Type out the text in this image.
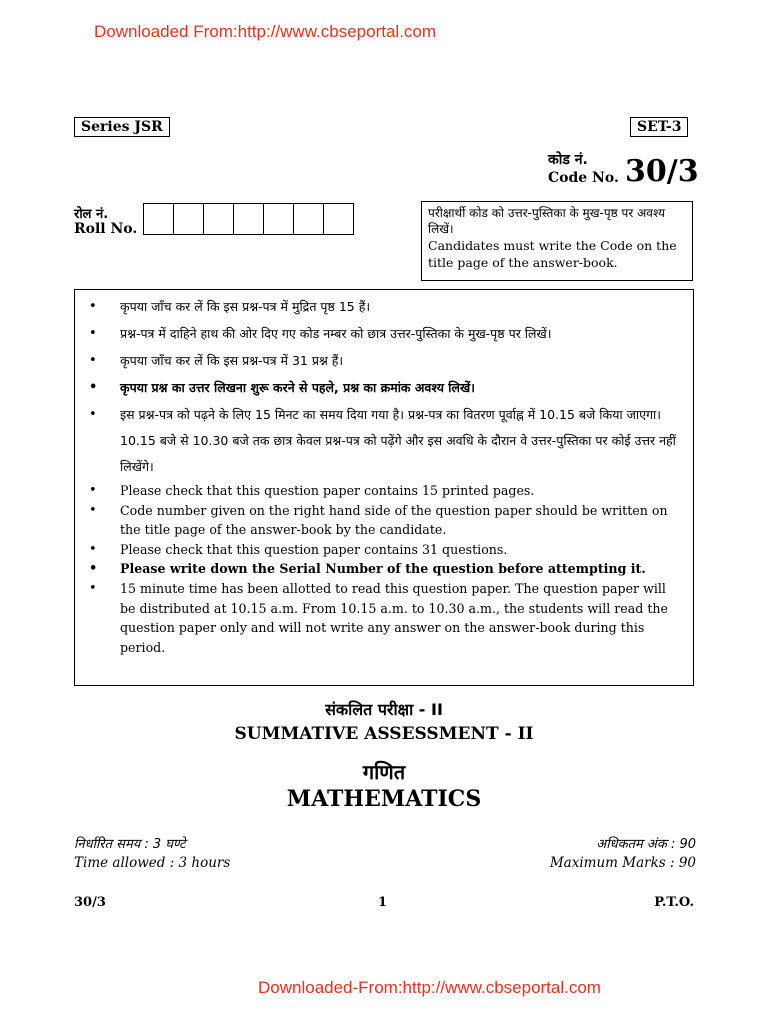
Downloaded From:http://www.cbseportal.com
Series JSR	SET-3
कोड नं.
Code No. 30/3
रोल नं.
Roll No.
परीक्षार्थी कोड को उत्तर-पुस्तिका के मुख-पृष्ठ पर अवश्य लिखें।
Candidates must write the Code on the title page of the answer-book.
• कृपया जाँच कर लें कि इस प्रश्न-पत्र में मुद्रित पृष्ठ 15 हैं।
• प्रश्न-पत्र में दाहिने हाथ की ओर दिए गए कोड नम्बर को छात्र उत्तर-पुस्तिका के मुख-पृष्ठ पर लिखें।
• कृपया जाँच कर लें कि इस प्रश्न-पत्र में 31 प्रश्न हैं।
• कृपया प्रश्न का उत्तर लिखना शुरू करने से पहले, प्रश्न का क्रमांक अवश्य लिखें।
• इस प्रश्न-पत्र को पढ़ने के लिए 15 मिनट का समय दिया गया है। प्रश्न-पत्र का वितरण पूर्वाह्न में 10.15 बजे किया जाएगा। 10.15 बजे से 10.30 बजे तक छात्र केवल प्रश्न-पत्र को पढ़ेंगे और इस अवधि के दौरान वे उत्तर-पुस्तिका पर कोई उत्तर नहीं लिखेंगे।
• Please check that this question paper contains 15 printed pages.
• Code number given on the right hand side of the question paper should be written on the title page of the answer-book by the candidate.
• Please check that this question paper contains 31 questions.
• Please write down the Serial Number of the question before attempting it.
• 15 minute time has been allotted to read this question paper. The question paper will be distributed at 10.15 a.m. From 10.15 a.m. to 10.30 a.m., the students will read the question paper only and will not write any answer on the answer-book during this period.
संकलित परीक्षा - II
SUMMATIVE ASSESSMENT - II
गणित
MATHEMATICS
निर्धारित समय : 3 घण्टे
Time allowed : 3 hours
अधिकतम अंक : 90
Maximum Marks : 90
30/3	1	P.T.O.
Downloaded-From:http://www.cbseportal.com
